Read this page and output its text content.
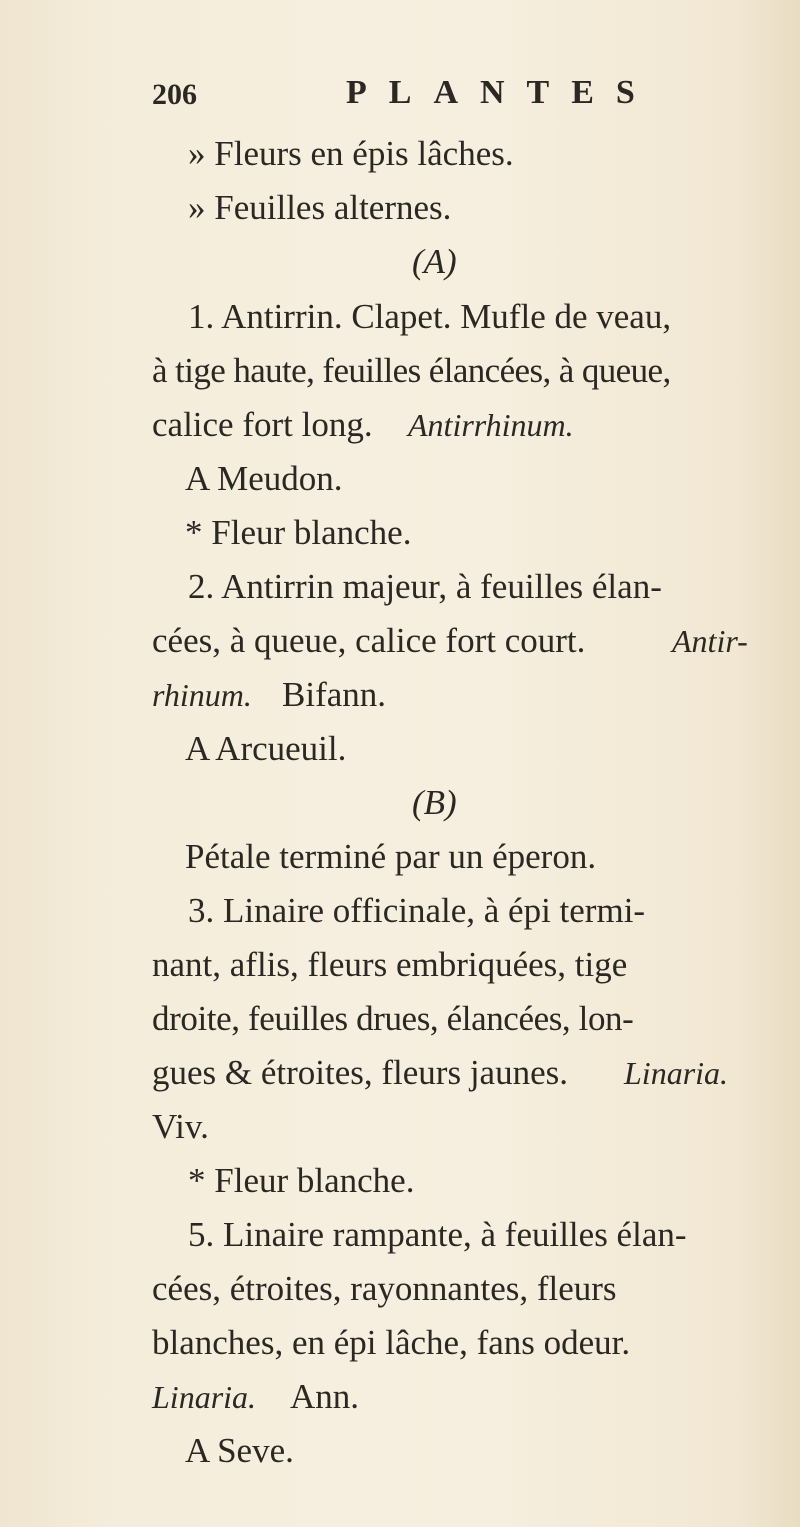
206	PLANTES
» Fleurs en épis lâches.
» Feuilles alternes.
(A)
1. Antirrin. Clapet. Mufle de veau,
à tige haute, feuilles élancées, à queue,
calice fort long. Antirrhinum.
A Meudon.
* Fleur blanche.
2. Antirrin majeur, à feuilles élan-
cées, à queue, calice fort court.	Antir-
rhinum. Bifann.
A Arcueuil.
(B)
Pétale terminé par un éperon.
3. Linaire officinale, à épi termi-
nant, aflis, fleurs embriquées, tige
droite, feuilles drues, élancées, lon-
gues & étroites, fleurs jaunes. Linaria.
Viv.
* Fleur blanche.
5. Linaire rampante, à feuilles élan-
cées, étroites, rayonnantes, fleurs
blanches, en épi lâche, fans odeur.
Linaria. Ann.
A Seve.
